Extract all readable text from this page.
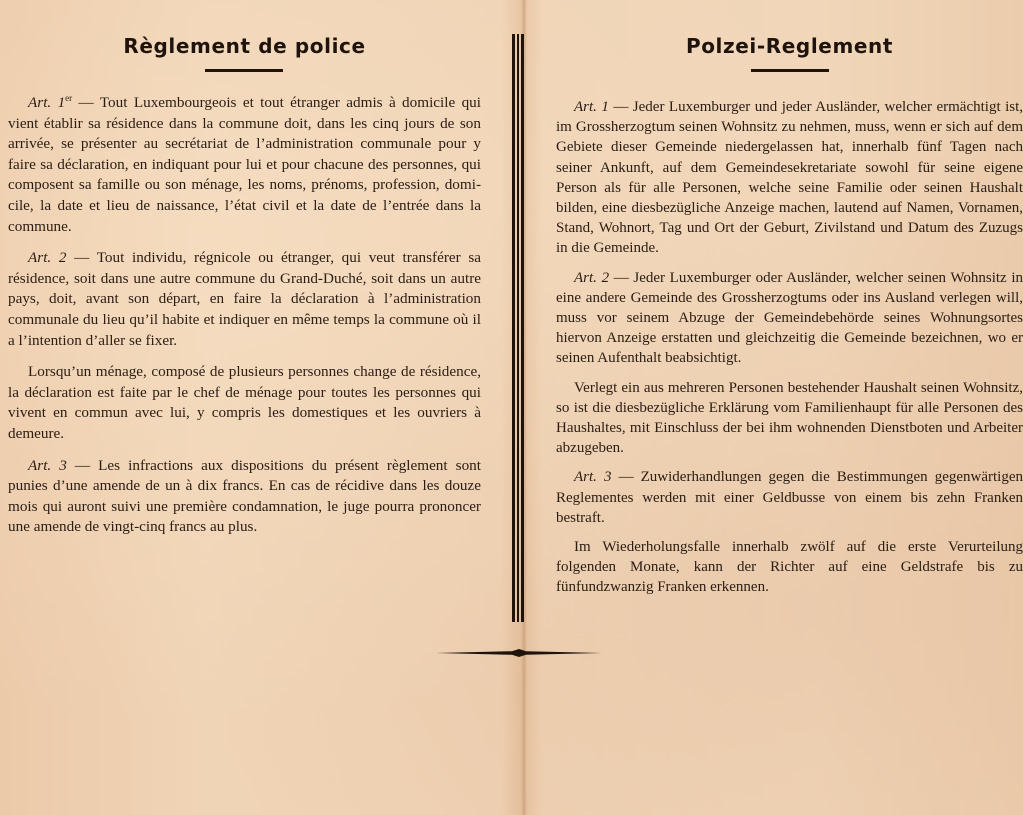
Règlement de police

Art. 1er — Tout Luxembourgeois et tout étranger admis à domicile qui vient établir sa résidence dans la commune doit, dans les cinq jours de son arrivée, se présenter au secrétariat de l’administration communale pour y faire sa déclaration, en indiquant pour lui et pour chacune des personnes, qui composent sa famille ou son ménage, les noms, prénoms, profession, domicile, la date et lieu de naissance, l’état civil et la date de l’entrée dans la commune.

Art. 2 — Tout individu, régnicole ou étranger, qui veut transférer sa résidence, soit dans une autre commune du Grand-Duché, soit dans un autre pays, doit, avant son départ, en faire la déclaration à l’administration communale du lieu qu’il habite et indiquer en même temps la commune où il a l’intention d’aller se fixer.

Lorsqu’un ménage, composé de plusieurs personnes change de résidence, la déclaration est faite par le chef de ménage pour toutes les personnes qui vivent en commun avec lui, y compris les domestiques et les ouvriers à demeure.

Art. 3 — Les infractions aux dispositions du présent règlement sont punies d’une amende de un à dix francs. En cas de récidive dans les douze mois qui auront suivi une première condamnation, le juge pourra prononcer une amende de vingt-cinq francs au plus.

Polzei-Reglement

Art. 1 — Jeder Luxemburger und jeder Ausländer, welcher ermächtigt ist, im Grossherzogtum seinen Wohnsitz zu nehmen, muss, wenn er sich auf dem Gebiete dieser Gemeinde niedergelassen hat, innerhalb fünf Tagen nach seiner Ankunft, auf dem Gemeindesekretariate sowohl für seine eigene Person als für alle Personen, welche seine Familie oder seinen Haushalt bilden, eine diesbezügliche Anzeige machen, lautend auf Namen, Vornamen, Stand, Wohnort, Tag und Ort der Geburt, Zivilstand und Datum des Zuzugs in die Gemeinde.

Art. 2 — Jeder Luxemburger oder Ausländer, welcher seinen Wohnsitz in eine andere Gemeinde des Grossherzogtums oder ins Ausland verlegen will, muss vor seinem Abzuge der Gemeindebehörde seines Wohnungsortes hiervon Anzeige erstatten und gleichzeitig die Gemeinde bezeichnen, wo er seinen Aufenthalt beabsichtigt.

Verlegt ein aus mehreren Personen bestehender Haushalt seinen Wohnsitz, so ist die diesbezügliche Erklärung vom Familienhaupt für alle Personen des Haushaltes, mit Einschluss der bei ihm wohnenden Dienstboten und Arbeiter abzugeben.

Art. 3 — Zuwiderhandlungen gegen die Bestimmungen gegenwärtigen Reglementes werden mit einer Geldbusse von einem bis zehn Franken bestraft.

Im Wiederholungsfalle innerhalb zwölf auf die erste Verurteilung folgenden Monate, kann der Richter auf eine Geldstrafe bis zu fünfundzwanzig Franken erkennen.
